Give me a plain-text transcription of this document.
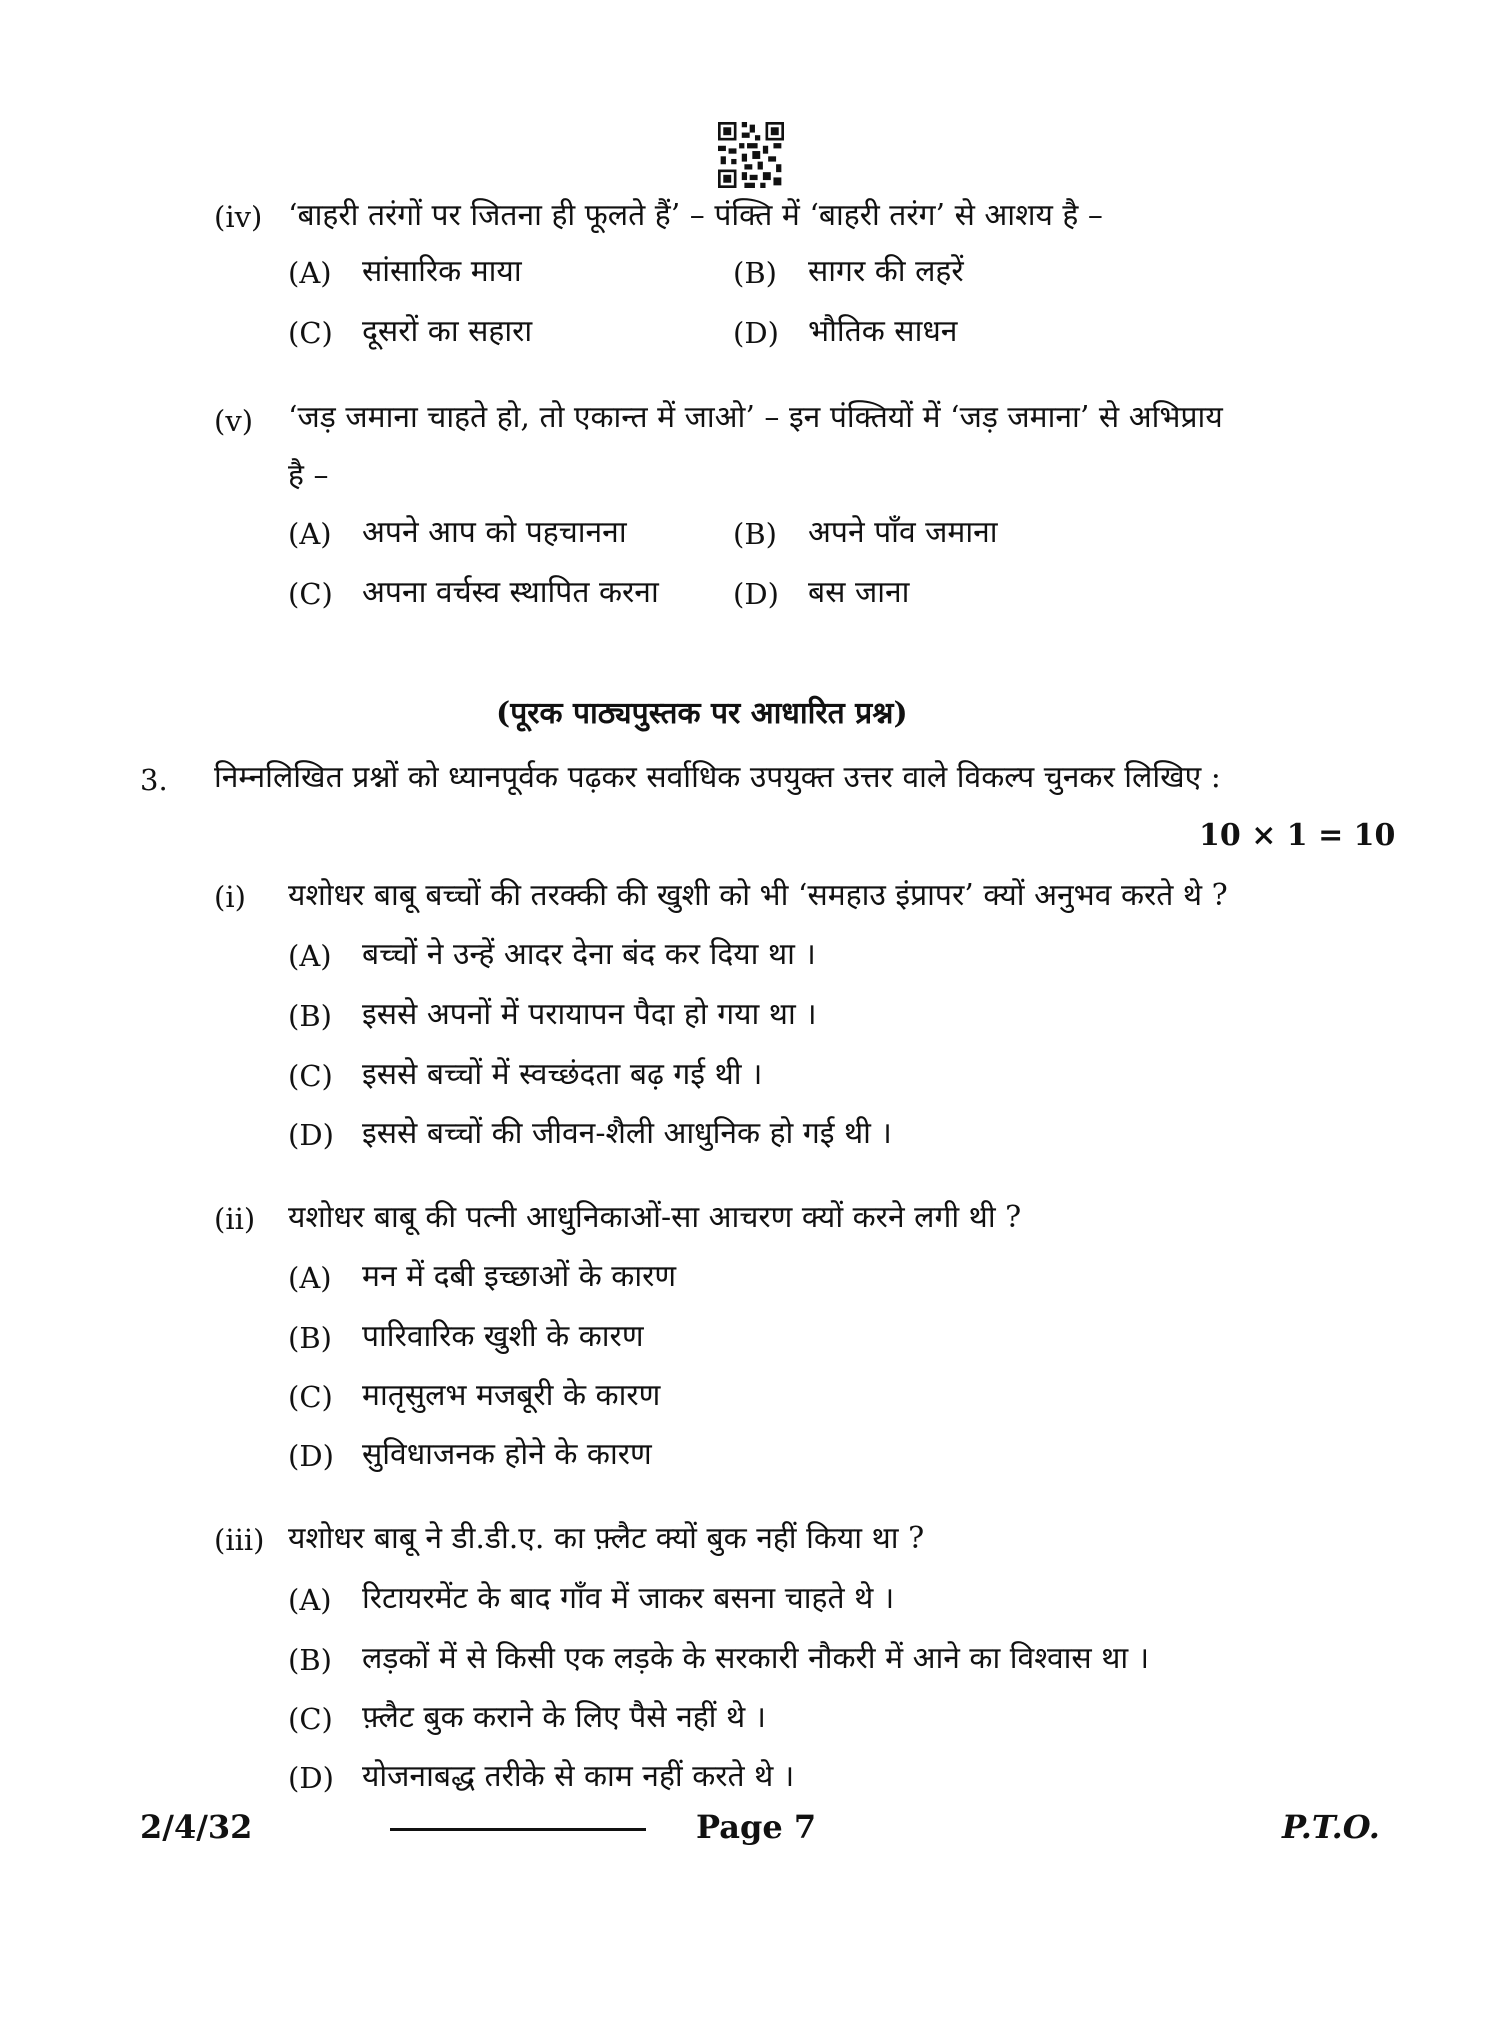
(iv) ‘बाहरी तरंगों पर जितना ही फूलते हैं’ – पंक्ति में ‘बाहरी तरंग’ से आशय है –
(A) सांसारिक माया	(B) सागर की लहरें
(C) दूसरों का सहारा	(D) भौतिक साधन
(v) ‘जड़ जमाना चाहते हो, तो एकान्त में जाओ’ – इन पंक्तियों में ‘जड़ जमाना’ से अभिप्राय
है –
(A) अपने आप को पहचानना	(B) अपने पाँव जमाना
(C) अपना वर्चस्व स्थापित करना	(D) बस जाना
(पूरक पाठ्यपुस्तक पर आधारित प्रश्न)
3. निम्नलिखित प्रश्नों को ध्यानपूर्वक पढ़कर सर्वाधिक उपयुक्त उत्तर वाले विकल्प चुनकर लिखिए :
10 × 1 = 10
(i) यशोधर बाबू बच्चों की तरक्की की खुशी को भी ‘समहाउ इंप्रापर’ क्यों अनुभव करते थे ?
(A) बच्चों ने उन्हें आदर देना बंद कर दिया था ।
(B) इससे अपनों में परायापन पैदा हो गया था ।
(C) इससे बच्चों में स्वच्छंदता बढ़ गई थी ।
(D) इससे बच्चों की जीवन-शैली आधुनिक हो गई थी ।
(ii) यशोधर बाबू की पत्नी आधुनिकाओं-सा आचरण क्यों करने लगी थी ?
(A) मन में दबी इच्छाओं के कारण
(B) पारिवारिक खुशी के कारण
(C) मातृसुलभ मजबूरी के कारण
(D) सुविधाजनक होने के कारण
(iii) यशोधर बाबू ने डी.डी.ए. का फ़्लैट क्यों बुक नहीं किया था ?
(A) रिटायरमेंट के बाद गाँव में जाकर बसना चाहते थे ।
(B) लड़कों में से किसी एक लड़के के सरकारी नौकरी में आने का विश्वास था ।
(C) फ़्लैट बुक कराने के लिए पैसे नहीं थे ।
(D) योजनाबद्ध तरीके से काम नहीं करते थे ।
2/4/32	Page 7	P.T.O.
